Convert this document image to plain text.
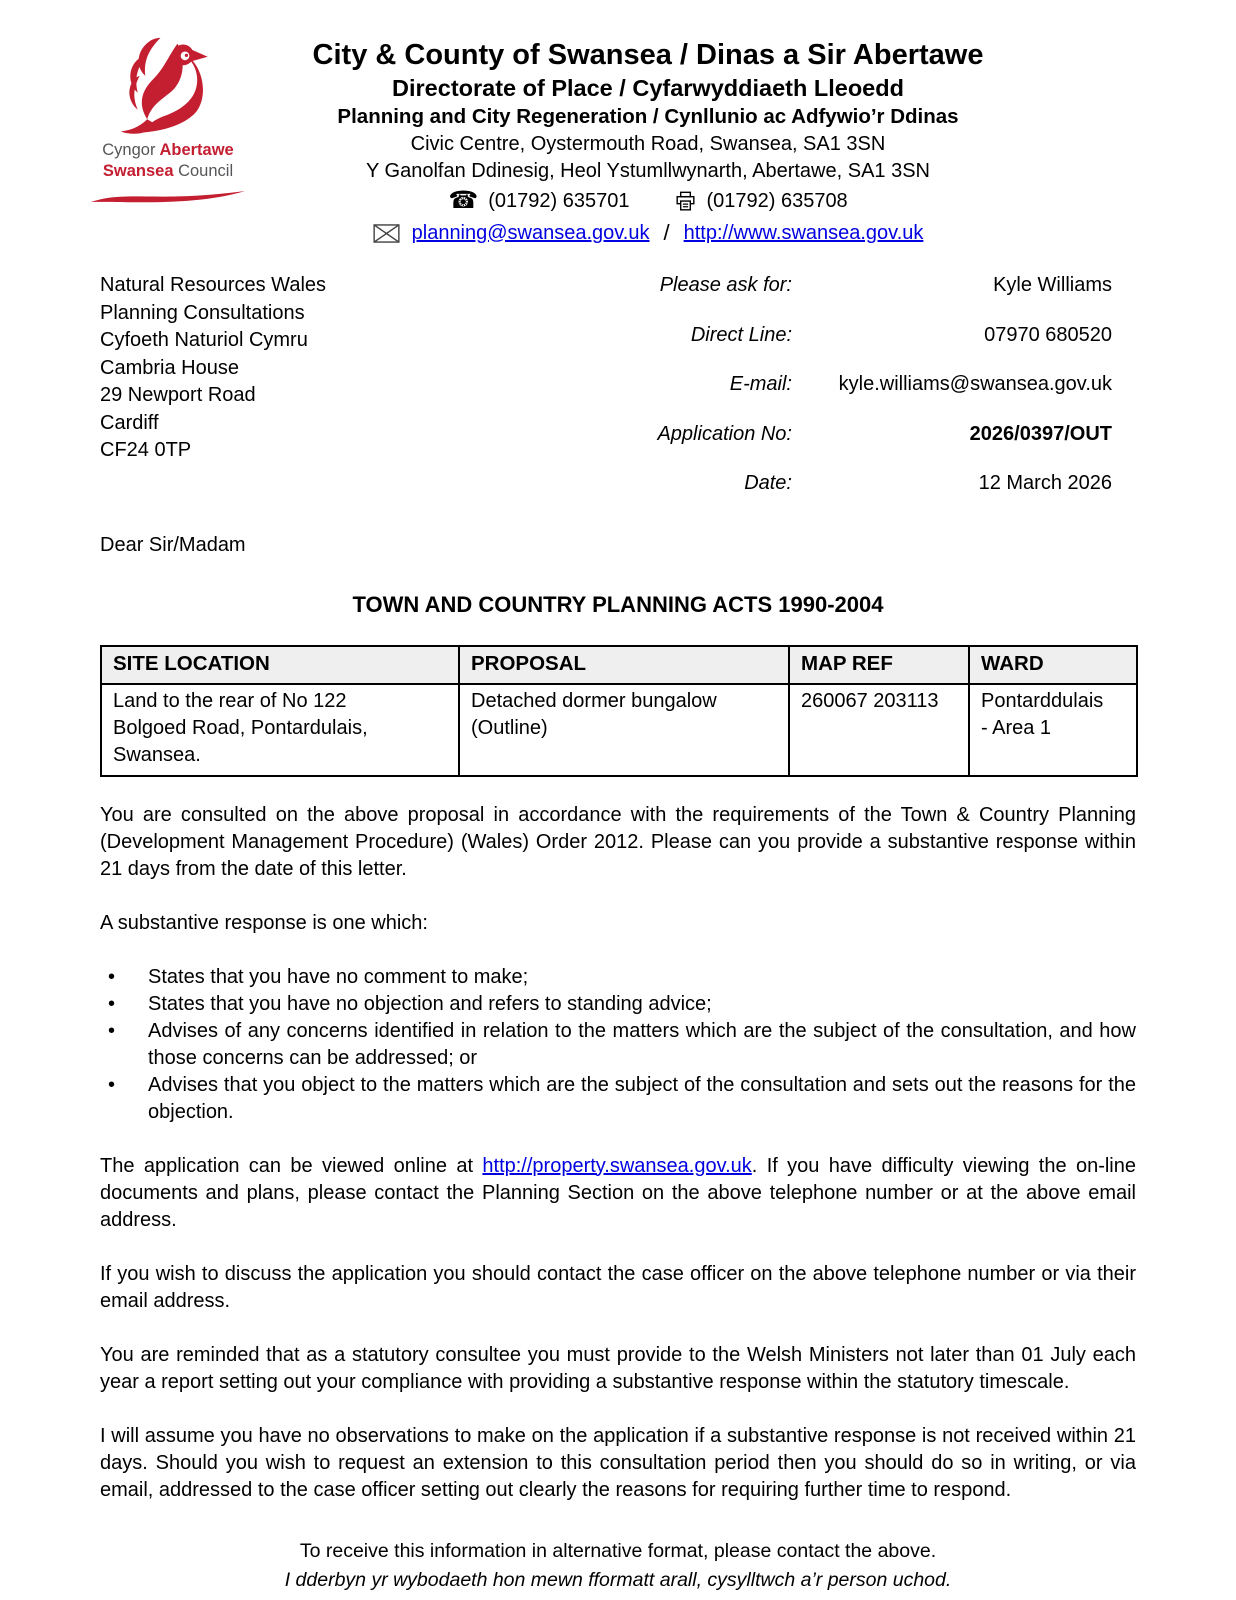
Cyngor Abertawe
Swansea Council
City & County of Swansea / Dinas a Sir Abertawe
Directorate of Place / Cyfarwyddiaeth Lleoedd
Planning and City Regeneration / Cynllunio ac Adfywio’r Ddinas
Civic Centre, Oystermouth Road, Swansea, SA1 3SN
Y Ganolfan Ddinesig, Heol Ystumllwynarth, Abertawe, SA1 3SN
☎ (01792) 635701	(01792) 635708
planning@swansea.gov.uk / http://www.swansea.gov.uk
Natural Resources Wales
Planning Consultations
Cyfoeth Naturiol Cymru
Cambria House
29 Newport Road
Cardiff
CF24 0TP
Please ask for:	Kyle Williams
Direct Line:	07970 680520
E-mail:	kyle.williams@swansea.gov.uk
Application No:	2026/0397/OUT
Date:	12 March 2026
Dear Sir/Madam
TOWN AND COUNTRY PLANNING ACTS 1990-2004
SITE LOCATION	PROPOSAL	MAP REF	WARD
Land to the rear of No 122 Bolgoed Road, Pontardulais, Swansea.	Detached dormer bungalow (Outline)	260067 203113	Pontarddulais - Area 1

You are consulted on the above proposal in accordance with the requirements of the Town & Country Planning (Development Management Procedure) (Wales) Order 2012. Please can you provide a substantive response within 21 days from the date of this letter.

A substantive response is one which:

• States that you have no comment to make;
• States that you have no objection and refers to standing advice;
• Advises of any concerns identified in relation to the matters which are the subject of the consultation, and how those concerns can be addressed; or
• Advises that you object to the matters which are the subject of the consultation and sets out the reasons for the objection.

The application can be viewed online at http://property.swansea.gov.uk. If you have difficulty viewing the on-line documents and plans, please contact the Planning Section on the above telephone number or at the above email address.

If you wish to discuss the application you should contact the case officer on the above telephone number or via their email address.

You are reminded that as a statutory consultee you must provide to the Welsh Ministers not later than 01 July each year a report setting out your compliance with providing a substantive response within the statutory timescale.

I will assume you have no observations to make on the application if a substantive response is not received within 21 days. Should you wish to request an extension to this consultation period then you should do so in writing, or via email, addressed to the case officer setting out clearly the reasons for requiring further time to respond.

To receive this information in alternative format, please contact the above.
I dderbyn yr wybodaeth hon mewn fformatt arall, cysylltwch a’r person uchod.
